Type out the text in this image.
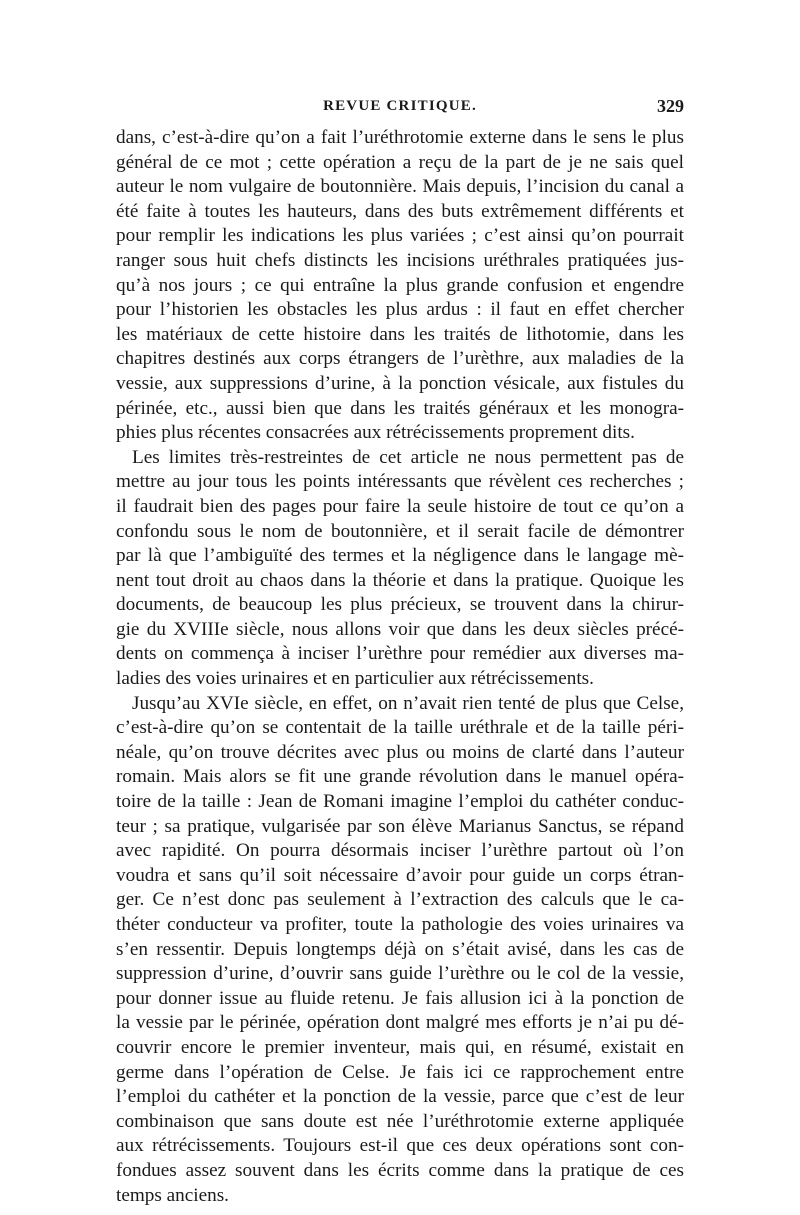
REVUE CRITIQUE.	329
dans, c’est-à-dire qu’on a fait l’uréthrotomie externe dans le sens le plus
général de ce mot ; cette opération a reçu de la part de je ne sais quel
auteur le nom vulgaire de boutonnière. Mais depuis, l’incision du canal a
été faite à toutes les hauteurs, dans des buts extrêmement différents et
pour remplir les indications les plus variées ; c’est ainsi qu’on pourrait
ranger sous huit chefs distincts les incisions uréthrales pratiquées jus-
qu’à nos jours ; ce qui entraîne la plus grande confusion et engendre
pour l’historien les obstacles les plus ardus : il faut en effet chercher
les matériaux de cette histoire dans les traités de lithotomie, dans les
chapitres destinés aux corps étrangers de l’urèthre, aux maladies de la
vessie, aux suppressions d’urine, à la ponction vésicale, aux fistules du
périnée, etc., aussi bien que dans les traités généraux et les monogra-
phies plus récentes consacrées aux rétrécissements proprement dits.
Les limites très-restreintes de cet article ne nous permettent pas de
mettre au jour tous les points intéressants que révèlent ces recherches ;
il faudrait bien des pages pour faire la seule histoire de tout ce qu’on a
confondu sous le nom de boutonnière, et il serait facile de démontrer
par là que l’ambiguïté des termes et la négligence dans le langage mè-
nent tout droit au chaos dans la théorie et dans la pratique. Quoique les
documents, de beaucoup les plus précieux, se trouvent dans la chirur-
gie du XVIIIe siècle, nous allons voir que dans les deux siècles précé-
dents on commença à inciser l’urèthre pour remédier aux diverses ma-
ladies des voies urinaires et en particulier aux rétrécissements.
Jusqu’au XVIe siècle, en effet, on n’avait rien tenté de plus que Celse,
c’est-à-dire qu’on se contentait de la taille uréthrale et de la taille péri-
néale, qu’on trouve décrites avec plus ou moins de clarté dans l’auteur
romain. Mais alors se fit une grande révolution dans le manuel opéra-
toire de la taille : Jean de Romani imagine l’emploi du cathéter conduc-
teur ; sa pratique, vulgarisée par son élève Marianus Sanctus, se répand
avec rapidité. On pourra désormais inciser l’urèthre partout où l’on
voudra et sans qu’il soit nécessaire d’avoir pour guide un corps étran-
ger. Ce n’est donc pas seulement à l’extraction des calculs que le ca-
théter conducteur va profiter, toute la pathologie des voies urinaires va
s’en ressentir. Depuis longtemps déjà on s’était avisé, dans les cas de
suppression d’urine, d’ouvrir sans guide l’urèthre ou le col de la vessie,
pour donner issue au fluide retenu. Je fais allusion ici à la ponction de
la vessie par le périnée, opération dont malgré mes efforts je n’ai pu dé-
couvrir encore le premier inventeur, mais qui, en résumé, existait en
germe dans l’opération de Celse. Je fais ici ce rapprochement entre
l’emploi du cathéter et la ponction de la vessie, parce que c’est de leur
combinaison que sans doute est née l’uréthrotomie externe appliquée
aux rétrécissements. Toujours est-il que ces deux opérations sont con-
fondues assez souvent dans les écrits comme dans la pratique de ces
temps anciens.
